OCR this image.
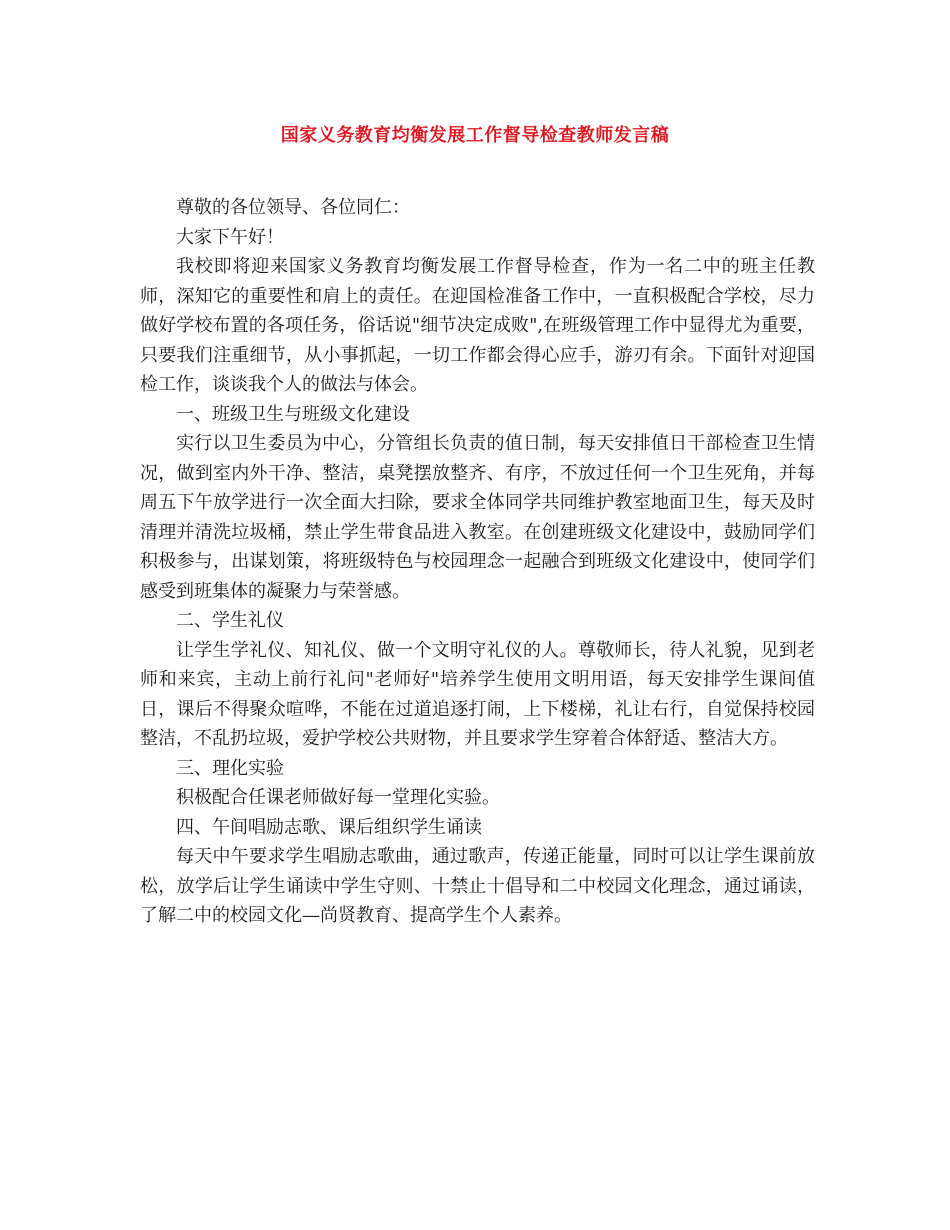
国家义务教育均衡发展工作督导检查教师发言稿

尊敬的各位领导、各位同仁：

大家下午好！

我校即将迎来国家义务教育均衡发展工作督导检查，作为一名二中的班主任教师，深知它的重要性和肩上的责任。在迎国检准备工作中，一直积极配合学校，尽力做好学校布置的各项任务，俗话说"细节决定成败",在班级管理工作中显得尤为重要，只要我们注重细节，从小事抓起，一切工作都会得心应手，游刃有余。下面针对迎国检工作，谈谈我个人的做法与体会。

一、班级卫生与班级文化建设

实行以卫生委员为中心，分管组长负责的值日制，每天安排值日干部检查卫生情况，做到室内外干净、整洁，桌凳摆放整齐、有序，不放过任何一个卫生死角，并每周五下午放学进行一次全面大扫除，要求全体同学共同维护教室地面卫生，每天及时清理并清洗垃圾桶，禁止学生带食品进入教室。在创建班级文化建设中，鼓励同学们积极参与，出谋划策，将班级特色与校园理念一起融合到班级文化建设中，使同学们感受到班集体的凝聚力与荣誉感。

二、学生礼仪

让学生学礼仪、知礼仪、做一个文明守礼仪的人。尊敬师长，待人礼貌，见到老师和来宾，主动上前行礼问"老师好"培养学生使用文明用语，每天安排学生课间值日，课后不得聚众喧哗，不能在过道追逐打闹，上下楼梯，礼让右行，自觉保持校园整洁，不乱扔垃圾，爱护学校公共财物，并且要求学生穿着合体舒适、整洁大方。

三、理化实验

积极配合任课老师做好每一堂理化实验。

四、午间唱励志歌、课后组织学生诵读

每天中午要求学生唱励志歌曲，通过歌声，传递正能量，同时可以让学生课前放松，放学后让学生诵读中学生守则、十禁止十倡导和二中校园文化理念，通过诵读，了解二中的校园文化—尚贤教育、提高学生个人素养。
